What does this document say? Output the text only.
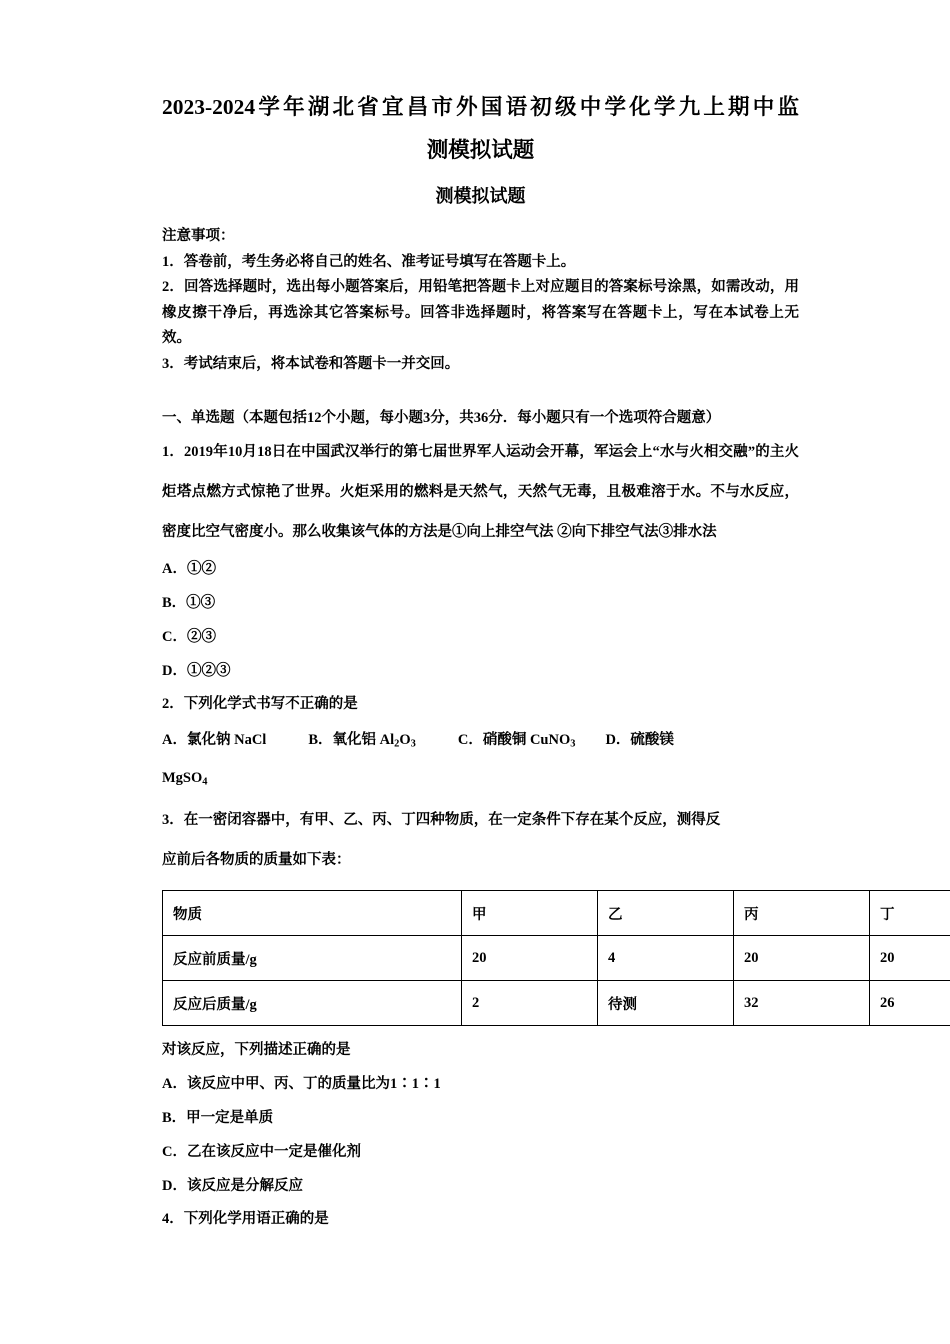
2023-2024学年湖北省宜昌市外国语初级中学化学九上期中监
测模拟试题
测模拟试题

注意事项：

1．答卷前，考生务必将自己的姓名、准考证号填写在答题卡上。

2．回答选择题时，选出每小题答案后，用铅笔把答题卡上对应题目的答案标号涂黑，如需改动，用橡皮擦干净后，再选涂其它答案标号。回答非选择题时，将答案写在答题卡上，写在本试卷上无效。

3．考试结束后，将本试卷和答题卡一并交回。

一、单选题（本题包括12个小题，每小题3分，共36分．每小题只有一个选项符合题意）
1．2019年10月18日在中国武汉举行的第七届世界军人运动会开幕，军运会上“水与火相交融”的主火炬塔点燃方式惊艳了世界。火炬采用的燃料是天然气，天然气无毒，且极难溶于水。不与水反应，密度比空气密度小。那么收集该气体的方法是①向上排空气法 ②向下排空气法③排水法
A．①②
B．①③
C．②③
D．①②③
2．下列化学式书写不正确的是
A．氯化钠 NaCl	B．氧化铝 $Al_2O_3$	C．硝酸铜 CuNO$_3$ D．硫酸镁
MgSO$_4$
3．在一密闭容器中，有甲、乙、丙、丁四种物质，在一定条件下存在某个反应，测得反
应前后各物质的质量如下表：
物质	甲	乙	丙	丁
反应前质量/g	20	4	20	20
反应后质量/g	2	待测	32	26
对该反应，下列描述正确的是
A．该反应中甲、丙、丁的质量比为1∶1∶1
B．甲一定是单质
C．乙在该反应中一定是催化剂
D．该反应是分解反应
4．下列化学用语正确的是
